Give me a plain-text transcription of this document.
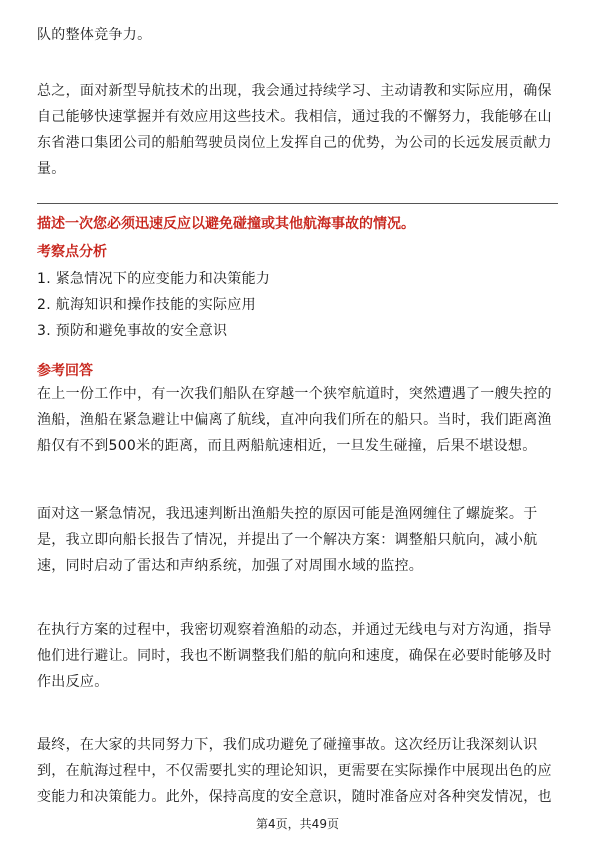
队的整体竞争力。

总之，面对新型导航技术的出现，我会通过持续学习、主动请教和实际应用，确保自己能够快速掌握并有效应用这些技术。我相信，通过我的不懈努力，我能够在山东省港口集团公司的船舶驾驶员岗位上发挥自己的优势，为公司的长远发展贡献力量。

描述一次您必须迅速反应以避免碰撞或其他航海事故的情况。
考察点分析

1. 紧急情况下的应变能力和决策能力

2. 航海知识和操作技能的实际应用

3. 预防和避免事故的安全意识

参考回答

在上一份工作中，有一次我们船队在穿越一个狭窄航道时，突然遭遇了一艘失控的渔船，渔船在紧急避让中偏离了航线，直冲向我们所在的船只。当时，我们距离渔船仅有不到500米的距离，而且两船航速相近，一旦发生碰撞，后果不堪设想。

面对这一紧急情况，我迅速判断出渔船失控的原因可能是渔网缠住了螺旋桨。于是，我立即向船长报告了情况，并提出了一个解决方案：调整船只航向，减小航速，同时启动了雷达和声纳系统，加强了对周围水域的监控。

在执行方案的过程中，我密切观察着渔船的动态，并通过无线电与对方沟通，指导他们进行避让。同时，我也不断调整我们船的航向和速度，确保在必要时能够及时作出反应。

最终，在大家的共同努力下，我们成功避免了碰撞事故。这次经历让我深刻认识到，在航海过程中，不仅需要扎实的理论知识，更需要在实际操作中展现出色的应变能力和决策能力。此外，保持高度的安全意识，随时准备应对各种突发情况，也

第4页，共49页
